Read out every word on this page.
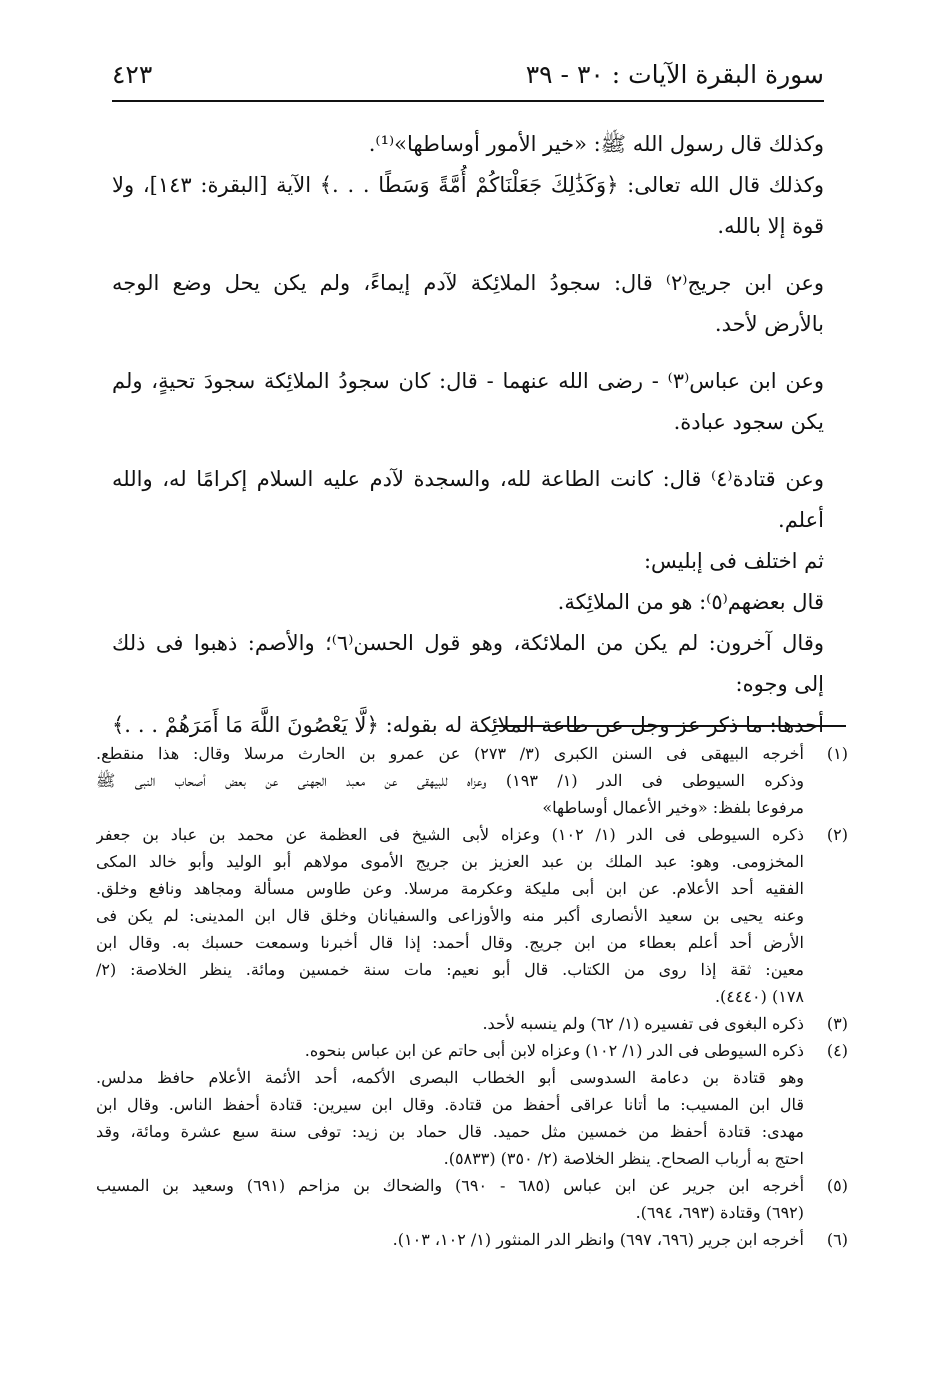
سورة البقرة الآيات : ٣٠ - ٣٩
٤٢٣
وكذلك قال رسول الله ﷺ: «خير الأمور أوساطها»⁽¹⁾.
وكذلك قال الله تعالى: ﴿وَكَذَٰلِكَ جَعَلْنَاكُمْ أُمَّةً وَسَطًا . . .﴾ الآية [البقرة: ١٤٣]، ولا
قوة إلا بالله.
وعن ابن جريج⁽٢⁾ قال: سجودُ الملائِكة لآدم إيماءً، ولم يكن يحل وضع الوجه
بالأرض لأحد.
وعن ابن عباس⁽٣⁾ - رضى الله عنهما - قال: كان سجودُ الملائِكة سجودَ تحيةٍ، ولم
يكن سجود عبادة.
وعن قتادة⁽٤⁾ قال: كانت الطاعة لله، والسجدة لآدم عليه السلام إكرامًا له، والله
أعلم.
ثم اختلف فى إبليس:
قال بعضهم⁽٥⁾: هو من الملائِكة.
وقال آخرون: لم يكن من الملائكة، وهو قول الحسن⁽٦⁾؛ والأصم: ذهبوا فى ذلك
إلى وجوه:
أحدها: ما ذكر عز وجل عن طاعة الملائِكة له بقوله: ﴿لَّا يَعْصُونَ اللَّهَ مَا أَمَرَهُمْ . . .﴾
(١)
أخرجه البيهقى فى السنن الكبرى (٣/ ٢٧٣) عن عمرو بن الحارث مرسلا وقال: هذا منقطع.
وذكره السيوطى فى الدر (١/ ١٩٣) وعزاه للبيهقى عن معبد الجهنى عن بعض أصحاب النبى ﷺ
مرفوعا بلفظ: «وخير الأعمال أوساطها»
(٢)
ذكره السيوطى فى الدر (١/ ١٠٢) وعزاه لأبى الشيخ فى العظمة عن محمد بن عباد بن جعفر
المخزومى. وهو: عبد الملك بن عبد العزيز بن جريج الأموى مولاهم أبو الوليد وأبو خالد المكى
الفقيه أحد الأعلام. عن ابن أبى مليكة وعكرمة مرسلا. وعن طاوس مسألة ومجاهد ونافع وخلق.
وعنه يحيى بن سعيد الأنصارى أكبر منه والأوزاعى والسفيانان وخلق قال ابن المدينى: لم يكن فى
الأرض أحد أعلم بعطاء من ابن جريج. وقال أحمد: إذا قال أخبرنا وسمعت حسبك به. وقال ابن
معين: ثقة إذا روى من الكتاب. قال أبو نعيم: مات سنة خمسين ومائة. ينظر الخلاصة: (٢/
١٧٨) (٤٤٤٠).
(٣)
ذكره البغوى فى تفسيره (١/ ٦٢) ولم ينسبه لأحد.
(٤)
ذكره السيوطى فى الدر (١/ ١٠٢) وعزاه لابن أبى حاتم عن ابن عباس بنحوه.
وهو قتادة بن دعامة السدوسى أبو الخطاب البصرى الأكمه، أحد الأئمة الأعلام حافظ مدلس.
قال ابن المسيب: ما أتانا عراقى أحفظ من قتادة. وقال ابن سيرين: قتادة أحفظ الناس. وقال ابن
مهدى: قتادة أحفظ من خمسين مثل حميد. قال حماد بن زيد: توفى سنة سبع عشرة ومائة، وقد
احتج به أرباب الصحاح. ينظر الخلاصة (٢/ ٣٥٠) (٥٨٣٣).
(٥)
أخرجه ابن جرير عن ابن عباس (٦٨٥ - ٦٩٠) والضحاك بن مزاحم (٦٩١) وسعيد بن المسيب
(٦٩٢) وقتادة (٦٩٣، ٦٩٤).
(٦)
أخرجه ابن جرير (٦٩٦، ٦٩٧) وانظر الدر المنثور (١/ ١٠٢، ١٠٣).
